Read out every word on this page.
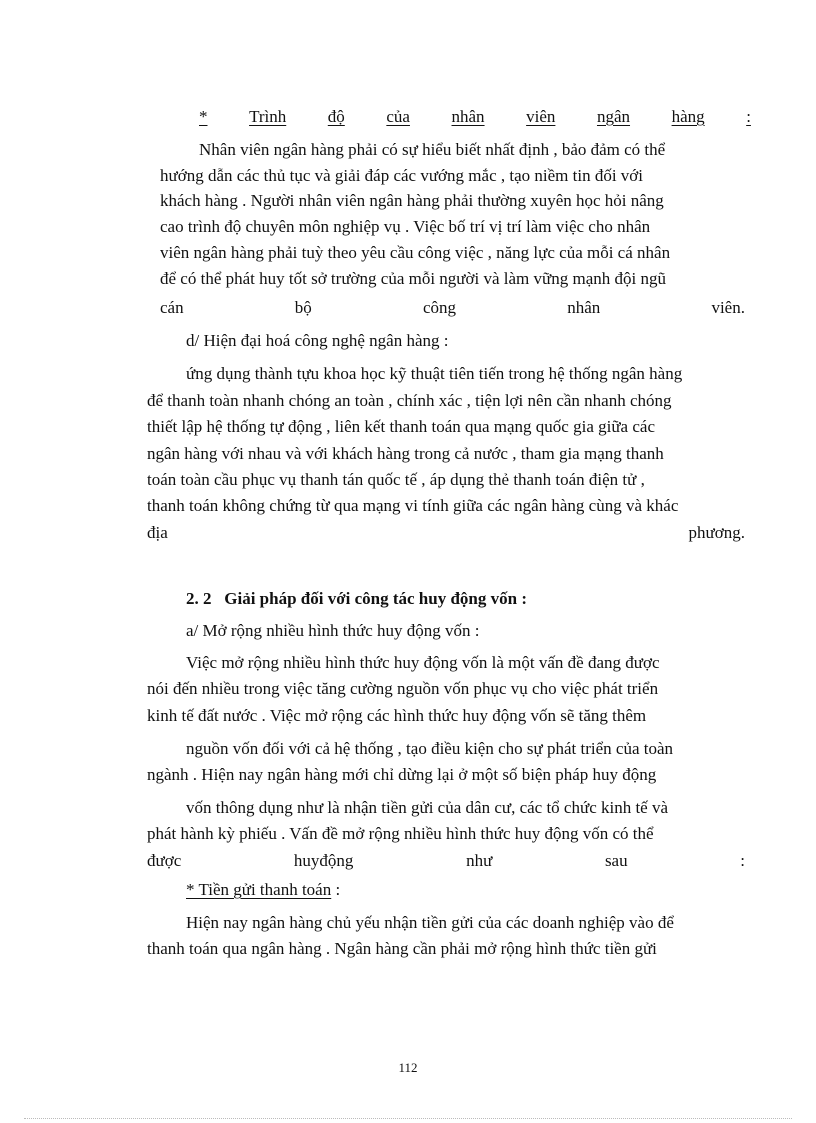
* Trình độ của nhân viên ngân hàng :
Nhân viên ngân hàng phải có sự hiểu biết nhất định , bảo đảm có thể
hướng dẫn các thủ tục và giải đáp các vướng mắc , tạo niềm tin đối với
khách hàng . Người nhân viên ngân hàng phải thường xuyên học hỏi nâng
cao trình độ chuyên môn nghiệp vụ . Việc bố trí vị trí làm việc cho nhân
viên ngân hàng phải tuỳ theo yêu cầu công việc , năng lực của mỗi cá nhân
để có thể phát huy tốt sở trường của mỗi người và làm vững mạnh đội ngũ
cán	bộ	công	nhân	viên.
d/ Hiện đại hoá công nghệ ngân hàng :
ứng dụng thành tựu khoa học kỹ thuật tiên tiến trong hệ thống ngân hàng
để thanh toàn nhanh chóng an toàn , chính xác , tiện lợi nên cần nhanh chóng
thiết lập hệ thống tự động , liên kết thanh toán qua mạng quốc gia giữa các
ngân hàng với nhau và với khách hàng trong cả nước , tham gia mạng thanh
toán toàn cầu phục vụ thanh tán quốc tế , áp dụng thẻ thanh toán điện tử ,
thanh toán không chứng từ qua mạng vi tính giữa các ngân hàng cùng và khác
địa	phương.
2. 2   Giải pháp đối với công tác huy động vốn :
a/ Mở rộng nhiều hình thức huy động vốn :
Việc mở rộng nhiều hình thức huy động vốn là một vấn đề đang được
nói đến nhiều trong việc tăng cường nguồn vốn phục vụ cho việc phát triển
kinh tế đất nước . Việc mở rộng các hình thức huy động vốn sẽ tăng thêm
nguồn vốn đối với cả hệ thống , tạo điều kiện cho sự phát triển của toàn
ngành . Hiện nay ngân hàng mới chỉ dừng lại ở một số biện pháp huy động
vốn thông dụng như là nhận tiền gửi của dân cư, các tổ chức kinh tế và
phát hành kỳ phiếu . Vấn đề mở rộng nhiều hình thức huy động vốn có thể
được	huyđộng	như	sau	:
* Tiền gửi thanh toán :
Hiện nay ngân hàng chủ yếu nhận tiền gửi của các doanh nghiệp vào để
thanh toán qua ngân hàng . Ngân hàng cần phải mở rộng hình thức tiền gửi
112
